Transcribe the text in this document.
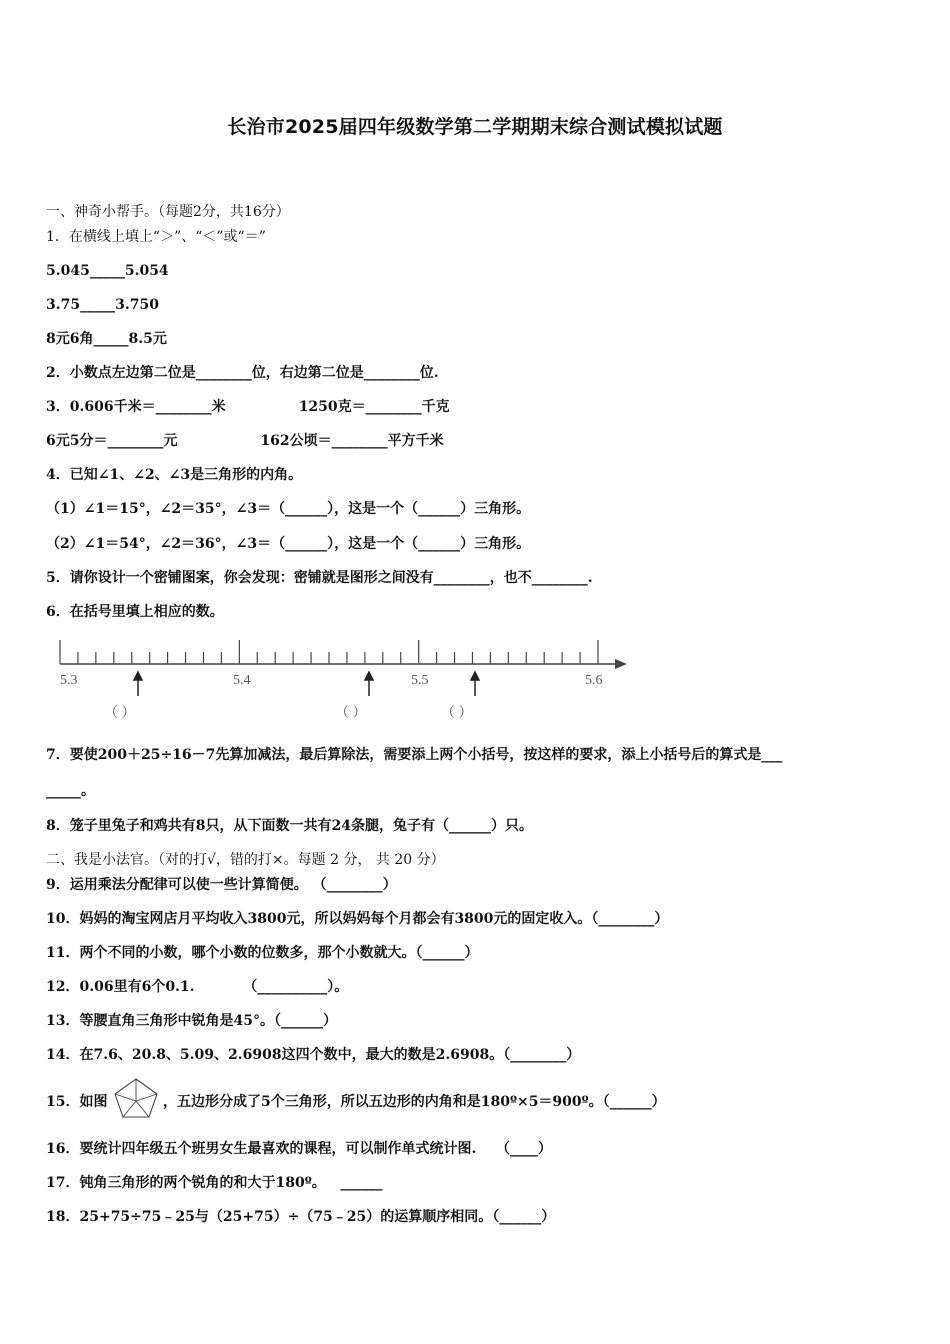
长治市2025届四年级数学第二学期期末综合测试模拟试题
一、神奇小帮手。（每题2分，共16分）
1．在横线上填上“＞”、“＜”或“＝”
5.045_____5.054
3.75_____3.750
8元6角_____8.5元
2．小数点左边第二位是________位，右边第二位是________位.
3．0.606千米＝________米               1250克＝________千克
6元5分＝________元                 162公顷＝________平方千米
4．已知∠1、∠2、∠3是三角形的内角。
（1）∠1＝15°，∠2＝35°，∠3＝（______），这是一个（______）三角形。
（2）∠1＝54°，∠2＝36°，∠3＝（______），这是一个（______）三角形。
5．请你设计一个密铺图案，你会发现：密铺就是图形之间没有________，也不________.
6．在括号里填上相应的数。
5.3	5.4	5.5	5.6
（ ）	（ ）	（ ）
7．要使200＋25÷16－7先算加减法，最后算除法，需要添上两个小括号，按这样的要求，添上小括号后的算式是___
_____。
8．笼子里兔子和鸡共有8只，从下面数一共有24条腿，兔子有（______）只。
二、我是小法官。（对的打√，错的打×。每题 2 分， 共 20 分）
9．运用乘法分配律可以使一些计算简便。 （________）
10．妈妈的淘宝网店月平均收入3800元，所以妈妈每个月都会有3800元的固定收入。（________）
11．两个不同的小数，哪个小数的位数多，那个小数就大。（______）
12．0.06里有6个0.1.          （__________）。
13．等腰直角三角形中锐角是45°。（______）
14．在7.6、20.8、5.09、2.6908这四个数中，最大的数是2.6908。（________）
15．如图	，五边形分成了5个三角形，所以五边形的内角和是180º×5＝900º。（______）
16．要统计四年级五个班男女生最喜欢的课程，可以制作单式统计图.    （____）
17．钝角三角形的两个锐角的和大于180º。   ______
18．25+75÷75﹣25与（25+75）÷（75﹣25）的运算顺序相同。（______）
